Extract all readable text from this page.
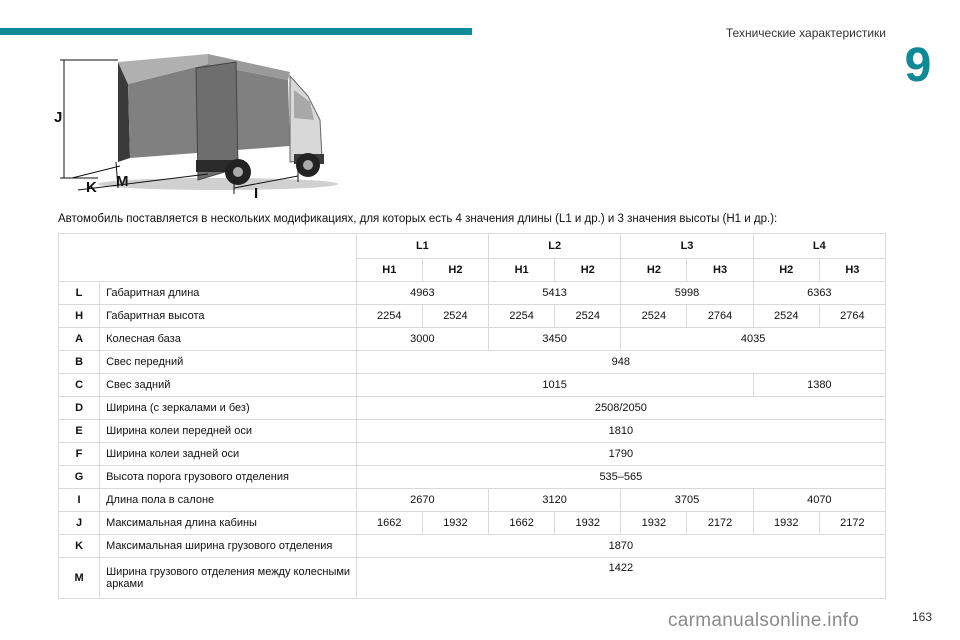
Технические характеристики
9
J
K M
I
Автомобиль поставляется в нескольких модификациях, для которых есть 4 значения длины (L1 и др.) и 3 значения высоты (H1 и др.):
		L1		L2		L3		L4	
		H1	H2	H1	H2	H2	H3	H2	H3
L	Габаритная длина	4963		5413		5998		6363	
H	Габаритная высота	2254	2524	2254	2524	2524	2764	2524	2764
A	Колесная база	3000		3450		4035			
B	Свес передний	948							
C	Свес задний	1015						1380	
D	Ширина (с зеркалами и без)	2508/2050							
E	Ширина колеи передней оси	1810							
F	Ширина колеи задней оси	1790							
G	Высота порога грузового отделения	535–565							
I	Длина пола в салоне	2670		3120		3705		4070	
J	Максимальная длина кабины	1662	1932	1662	1932	1932	2172	1932	2172
K	Максимальная ширина грузового отделения	1870							
M	Ширина грузового отделения между колесными арками	1422							
163
carmanualsonline.info
